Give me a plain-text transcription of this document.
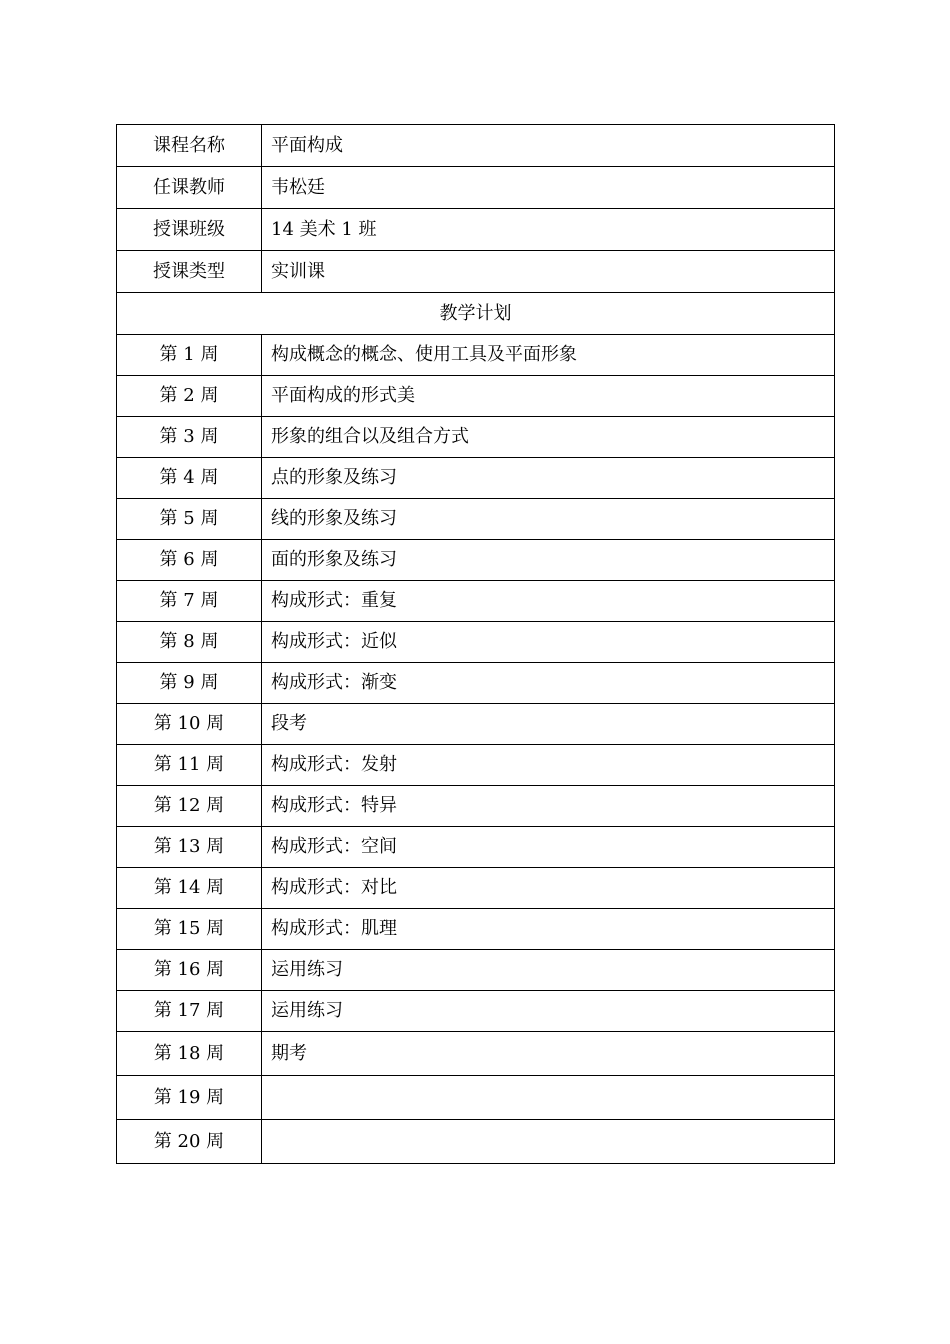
课程名称	平面构成
任课教师	韦松廷
授课班级	14 美术 1 班
授课类型	实训课
教学计划	
第 1 周	构成概念的概念、使用工具及平面形象
第 2 周	平面构成的形式美
第 3 周	形象的组合以及组合方式
第 4 周	点的形象及练习
第 5 周	线的形象及练习
第 6 周	面的形象及练习
第 7 周	构成形式：重复
第 8 周	构成形式：近似
第 9 周	构成形式：渐变
第 10 周	段考
第 11 周	构成形式：发射
第 12 周	构成形式：特异
第 13 周	构成形式：空间
第 14 周	构成形式：对比
第 15 周	构成形式：肌理
第 16 周	运用练习
第 17 周	运用练习
第 18 周	期考
第 19 周	
第 20 周	
